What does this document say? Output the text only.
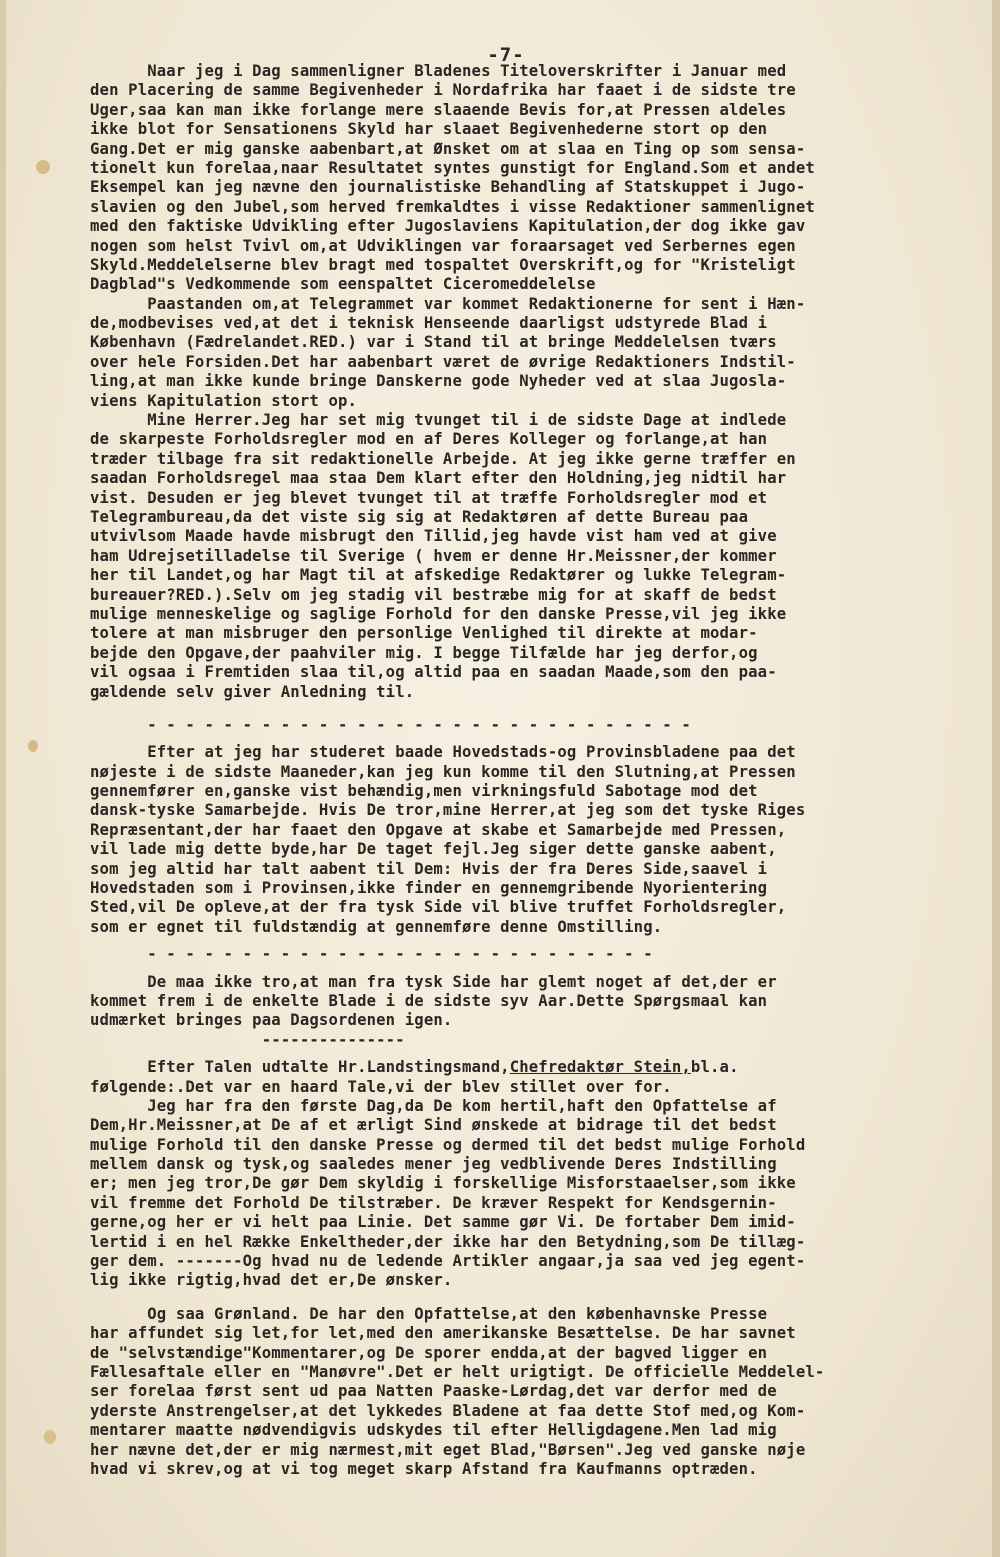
-7-
Naar jeg i Dag sammenligner Bladenes Titeloverskrifter i Januar med
den Placering de samme Begivenheder i Nordafrika har faaet i de sidste tre
Uger,saa kan man ikke forlange mere slaaende Bevis for,at Pressen aldeles
ikke blot for Sensationens Skyld har slaaet Begivenhederne stort op den
Gang.Det er mig ganske aabenbart,at Ønsket om at slaa en Ting op som sensa-
tionelt kun forelaa,naar Resultatet syntes gunstigt for England.Som et andet
Eksempel kan jeg nævne den journalistiske Behandling af Statskuppet i Jugo-
slavien og den Jubel,som herved fremkaldtes i visse Redaktioner sammenlignet
med den faktiske Udvikling efter Jugoslaviens Kapitulation,der dog ikke gav
nogen som helst Tvivl om,at Udviklingen var foraarsaget ved Serbernes egen
Skyld.Meddelelserne blev bragt med tospaltet Overskrift,og for "Kristeligt
Dagblad"s Vedkommende som eenspaltet Ciceromeddelelse
Paastanden om,at Telegrammet var kommet Redaktionerne for sent i Hæn-
de,modbevises ved,at det i teknisk Henseende daarligst udstyrede Blad i
København (Fædrelandet.RED.) var i Stand til at bringe Meddelelsen tværs
over hele Forsiden.Det har aabenbart været de øvrige Redaktioners Indstil-
ling,at man ikke kunde bringe Danskerne gode Nyheder ved at slaa Jugosla-
viens Kapitulation stort op.
Mine Herrer.Jeg har set mig tvunget til i de sidste Dage at indlede
de skarpeste Forholdsregler mod en af Deres Kolleger og forlange,at han
træder tilbage fra sit redaktionelle Arbejde. At jeg ikke gerne træffer en
saadan Forholdsregel maa staa Dem klart efter den Holdning,jeg nidtil har
vist. Desuden er jeg blevet tvunget til at træffe Forholdsregler mod et
Telegrambureau,da det viste sig sig at Redaktøren af dette Bureau paa
utvivlsom Maade havde misbrugt den Tillid,jeg havde vist ham ved at give
ham Udrejsetilladelse til Sverige ( hvem er denne Hr.Meissner,der kommer
her til Landet,og har Magt til at afskedige Redaktører og lukke Telegram-
bureauer?RED.).Selv om jeg stadig vil bestræbe mig for at skaff de bedst
mulige menneskelige og saglige Forhold for den danske Presse,vil jeg ikke
tolere at man misbruger den personlige Venlighed til direkte at modar-
bejde den Opgave,der paahviler mig. I begge Tilfælde har jeg derfor,og
vil ogsaa i Fremtiden slaa til,og altid paa en saadan Maade,som den paa-
gældende selv giver Anledning til.
- - - - - - - - - - - - - - - - - - - - - - - - - - - - -
Efter at jeg har studeret baade Hovedstads-og Provinsbladene paa det
nøjeste i de sidste Maaneder,kan jeg kun komme til den Slutning,at Pressen
gennemfører en,ganske vist behændig,men virkningsfuld Sabotage mod det
dansk-tyske Samarbejde. Hvis De tror,mine Herrer,at jeg som det tyske Riges
Repræsentant,der har faaet den Opgave at skabe et Samarbejde med Pressen,
vil lade mig dette byde,har De taget fejl.Jeg siger dette ganske aabent,
som jeg altid har talt aabent til Dem: Hvis der fra Deres Side,saavel i
Hovedstaden som i Provinsen,ikke finder en gennemgribende Nyorientering
Sted,vil De opleve,at der fra tysk Side vil blive truffet Forholdsregler,
som er egnet til fuldstændig at gennemføre denne Omstilling.
- - - - - - - - - - - - - - - - - - - - - - - - - - -
De maa ikke tro,at man fra tysk Side har glemt noget af det,der er
kommet frem i de enkelte Blade i de sidste syv Aar.Dette Spørgsmaal kan
udmærket bringes paa Dagsordenen igen.
---------------
Efter Talen udtalte Hr.Landstingsmand,Chefredaktør Stein,bl.a.
følgende:.Det var en haard Tale,vi der blev stillet over for.
Jeg har fra den første Dag,da De kom hertil,haft den Opfattelse af
Dem,Hr.Meissner,at De af et ærligt Sind ønskede at bidrage til det bedst
mulige Forhold til den danske Presse og dermed til det bedst mulige Forhold
mellem dansk og tysk,og saaledes mener jeg vedblivende Deres Indstilling
er; men jeg tror,De gør Dem skyldig i forskellige Misforstaaelser,som ikke
vil fremme det Forhold De tilstræber. De kræver Respekt for Kendsgernin-
gerne,og her er vi helt paa Linie. Det samme gør Vi. De fortaber Dem imid-
lertid i en hel Række Enkeltheder,der ikke har den Betydning,som De tillæg-
ger dem. -------Og hvad nu de ledende Artikler angaar,ja saa ved jeg egent-
lig ikke rigtig,hvad det er,De ønsker.
Og saa Grønland. De har den Opfattelse,at den københavnske Presse
har affundet sig let,for let,med den amerikanske Besættelse. De har savnet
de "selvstændige"Kommentarer,og De sporer endda,at der bagved ligger en
Fællesaftale eller en "Manøvre".Det er helt urigtigt. De officielle Meddelel-
ser forelaa først sent ud paa Natten Paaske-Lørdag,det var derfor med de
yderste Anstrengelser,at det lykkedes Bladene at faa dette Stof med,og Kom-
mentarer maatte nødvendigvis udskydes til efter Helligdagene.Men lad mig
her nævne det,der er mig nærmest,mit eget Blad,"Børsen".Jeg ved ganske nøje
hvad vi skrev,og at vi tog meget skarp Afstand fra Kaufmanns optræden.
